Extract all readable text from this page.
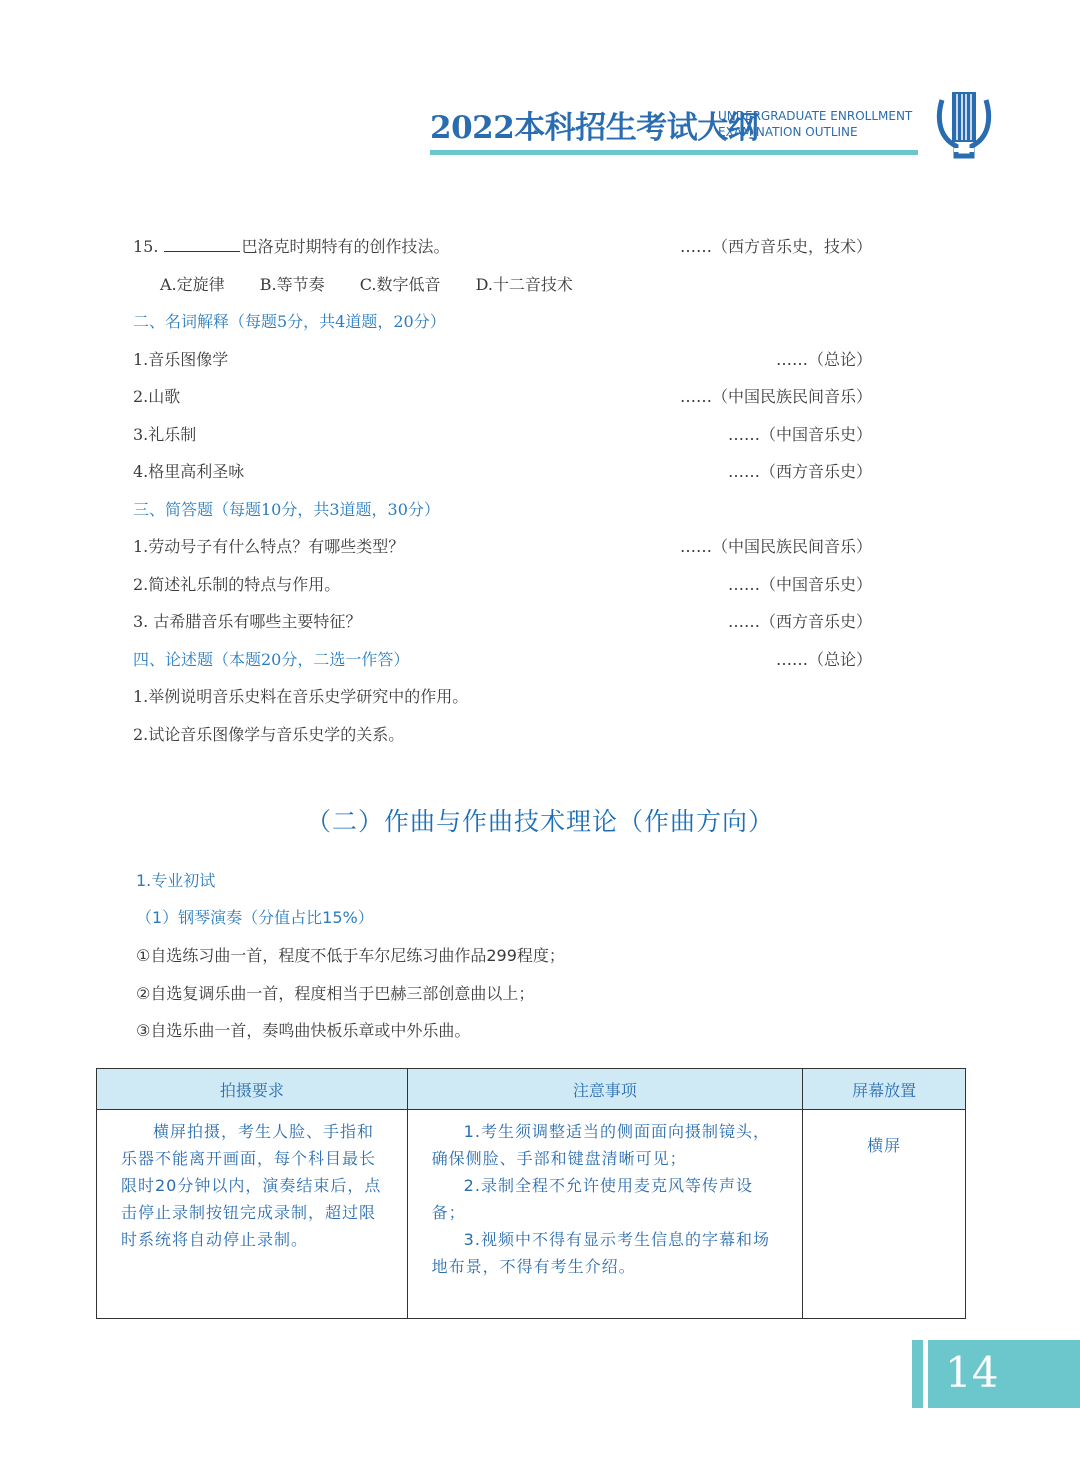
2022本科招生考试大纲
UNDERGRADUATE ENROLLMENT
EXAMINATION OUTLINE
15.	巴洛克时期特有的创作技法。	……（西方音乐史，技术）
A.定旋律 B.等节奏 C.数字低音 D.十二音技术
二、名词解释（每题5分，共4道题，20分）
1.音乐图像学	……（总论）
2.山歌	……（中国民族民间音乐）
3.礼乐制	……（中国音乐史）
4.格里高利圣咏	……（西方音乐史）
三、简答题（每题10分，共3道题，30分）
1.劳动号子有什么特点？有哪些类型？	……（中国民族民间音乐）
2.简述礼乐制的特点与作用。	……（中国音乐史）
3. 古希腊音乐有哪些主要特征？	……（西方音乐史）
四、论述题（本题20分，二选一作答）	……（总论）
1.举例说明音乐史料在音乐史学研究中的作用。
2.试论音乐图像学与音乐史学的关系。
（二）作曲与作曲技术理论（作曲方向）
1.专业初试
（1）钢琴演奏（分值占比15%）
①自选练习曲一首，程度不低于车尔尼练习曲作品299程度；
②自选复调乐曲一首，程度相当于巴赫三部创意曲以上；
③自选乐曲一首，奏鸣曲快板乐章或中外乐曲。
拍摄要求	注意事项	屏幕放置

横屏拍摄，考生人脸、手指和乐器不能离开画面，每个科目最长限时20分钟以内，演奏结束后，点击停止录制按钮完成录制，超过限时系统将自动停止录制。	1.考生须调整适当的侧面面向摄制镜头，确保侧脸、手部和键盘清晰可见；
2.录制全程不允许使用麦克风等传声设备；
3.视频中不得有显示考生信息的字幕和场地布景，不得有考生介绍。	横屏
14
